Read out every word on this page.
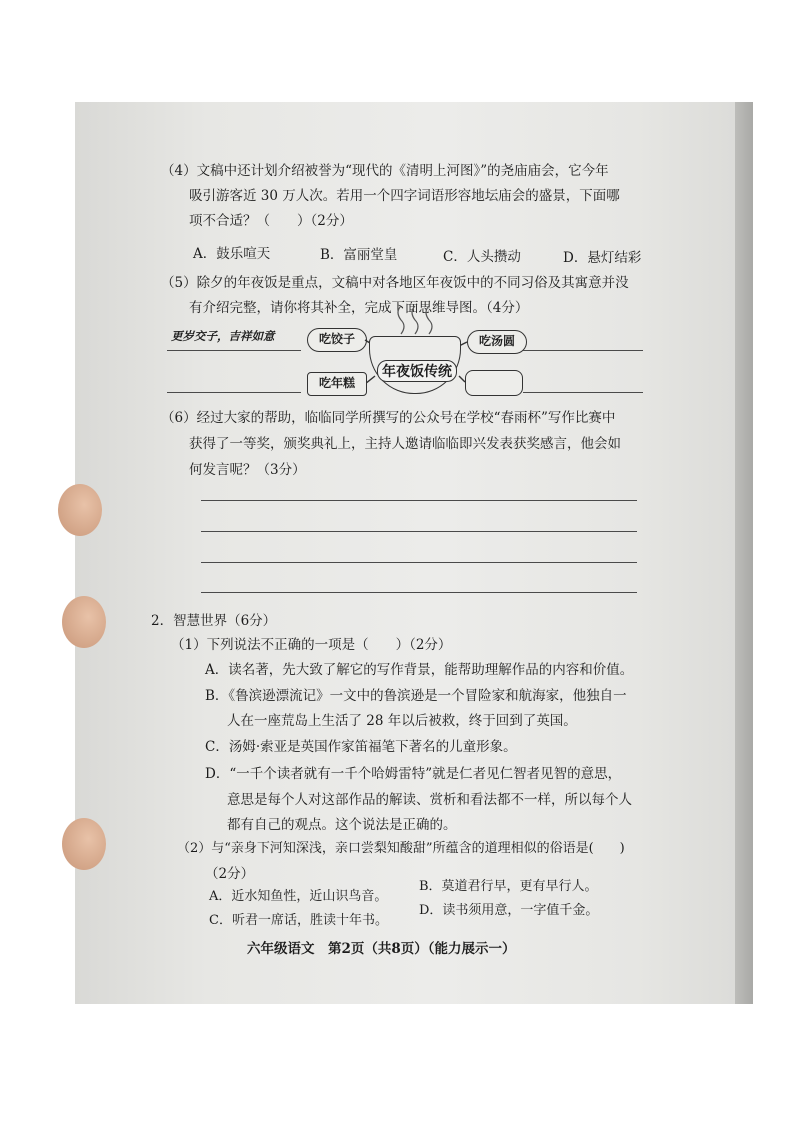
（4）文稿中还计划介绍被誉为“现代的《清明上河图》”的尧庙庙会，它今年
吸引游客近 30 万人次。若用一个四字词语形容地坛庙会的盛景，下面哪
项不合适？（　　）（2分）
A．鼓乐喧天	B．富丽堂皇	C．人头攒动	D．悬灯结彩
（5）除夕的年夜饭是重点，文稿中对各地区年夜饭中的不同习俗及其寓意并没
有介绍完整，请你将其补全，完成下面思维导图。（4分）
更岁交子，吉祥如意	吃饺子	吃汤圆
年夜饭传统
吃年糕
（6）经过大家的帮助，临临同学所撰写的公众号在学校“春雨杯”写作比赛中
获得了一等奖，颁奖典礼上，主持人邀请临临即兴发表获奖感言，他会如
何发言呢？（3分）
2．智慧世界（6分）
（1）下列说法不正确的一项是（　　）（2分）
A．读名著，先大致了解它的写作背景，能帮助理解作品的内容和价值。
B．《鲁滨逊漂流记》一文中的鲁滨逊是一个冒险家和航海家，他独自一
人在一座荒岛上生活了 28 年以后被救，终于回到了英国。
C．汤姆·索亚是英国作家笛福笔下著名的儿童形象。
D．“一千个读者就有一千个哈姆雷特”就是仁者见仁智者见智的意思，
意思是每个人对这部作品的解读、赏析和看法都不一样，所以每个人
都有自己的观点。这个说法是正确的。
（2）与“亲身下河知深浅，亲口尝梨知酸甜”所蕴含的道理相似的俗语是(　　)
（2分）
A．近水知鱼性，近山识鸟音。
B．莫道君行早，更有早行人。
C．听君一席话，胜读十年书。
D．读书须用意，一字值千金。
六年级语文　第2页（共8页）（能力展示一）
